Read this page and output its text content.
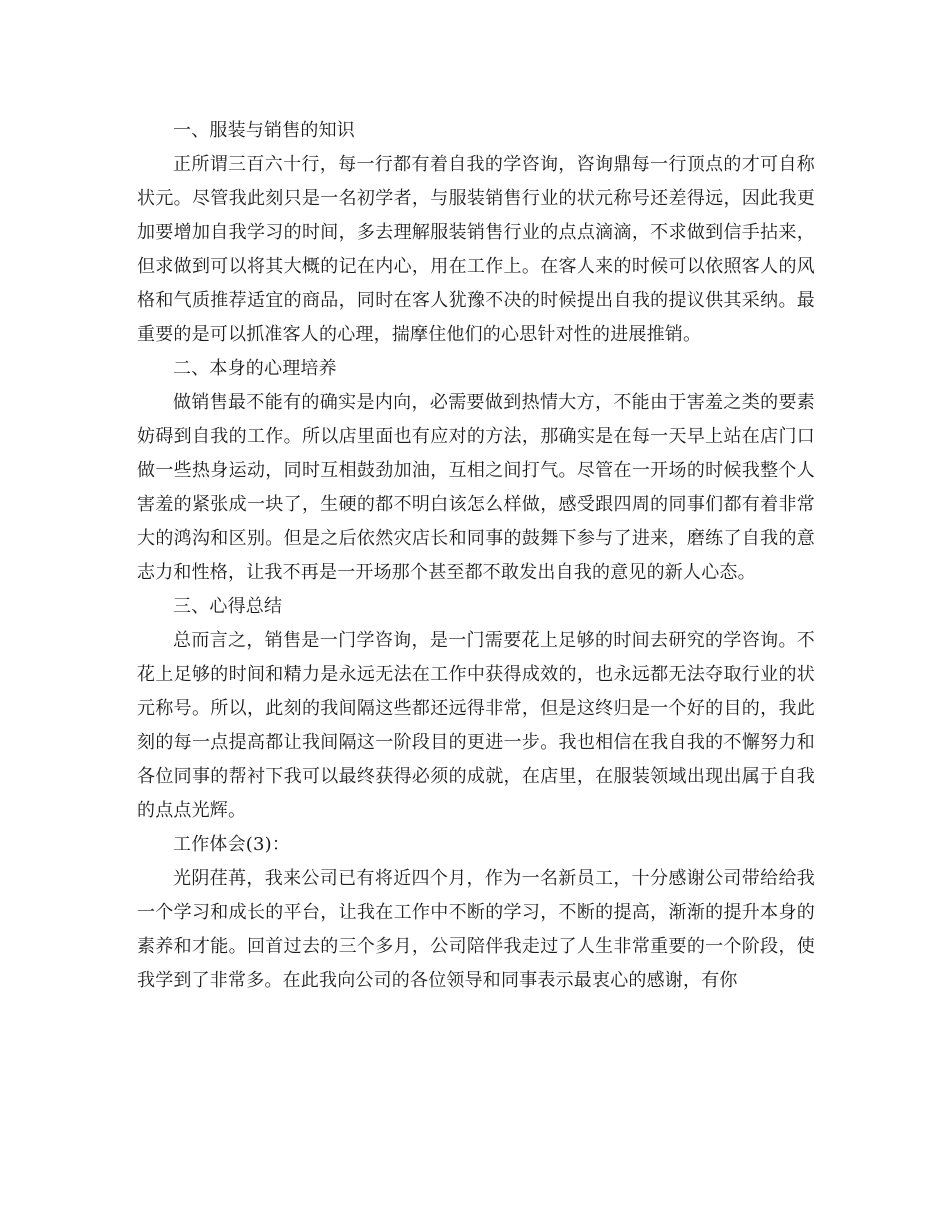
一、服装与销售的知识

正所谓三百六十行，每一行都有着自我的学咨询，咨询鼎每一行顶点的才可自称状元。尽管我此刻只是一名初学者，与服装销售行业的状元称号还差得远，因此我更加要增加自我学习的时间，多去理解服装销售行业的点点滴滴，不求做到信手拈来，但求做到可以将其大概的记在内心，用在工作上。在客人来的时候可以依照客人的风格和气质推荐适宜的商品，同时在客人犹豫不决的时候提出自我的提议供其采纳。最重要的是可以抓准客人的心理，揣摩住他们的心思针对性的进展推销。

二、本身的心理培养

做销售最不能有的确实是内向，必需要做到热情大方，不能由于害羞之类的要素妨碍到自我的工作。所以店里面也有应对的方法，那确实是在每一天早上站在店门口做一些热身运动，同时互相鼓劲加油，互相之间打气。尽管在一开场的时候我整个人害羞的紧张成一块了，生硬的都不明白该怎么样做，感受跟四周的同事们都有着非常大的鸿沟和区别。但是之后依然灾店长和同事的鼓舞下参与了进来，磨练了自我的意志力和性格，让我不再是一开场那个甚至都不敢发出自我的意见的新人心态。

三、心得总结

总而言之，销售是一门学咨询，是一门需要花上足够的时间去研究的学咨询。不花上足够的时间和精力是永远无法在工作中获得成效的，也永远都无法夺取行业的状元称号。所以，此刻的我间隔这些都还远得非常，但是这终归是一个好的目的，我此刻的每一点提高都让我间隔这一阶段目的更进一步。我也相信在我自我的不懈努力和各位同事的帮衬下我可以最终获得必须的成就，在店里，在服装领域出现出属于自我的点点光辉。

工作体会(3)：

光阴荏苒，我来公司已有将近四个月，作为一名新员工，十分感谢公司带给给我一个学习和成长的平台，让我在工作中不断的学习，不断的提高，渐渐的提升本身的素养和才能。回首过去的三个多月，公司陪伴我走过了人生非常重要的一个阶段，使我学到了非常多。在此我向公司的各位领导和同事表示最衷心的感谢，有你
